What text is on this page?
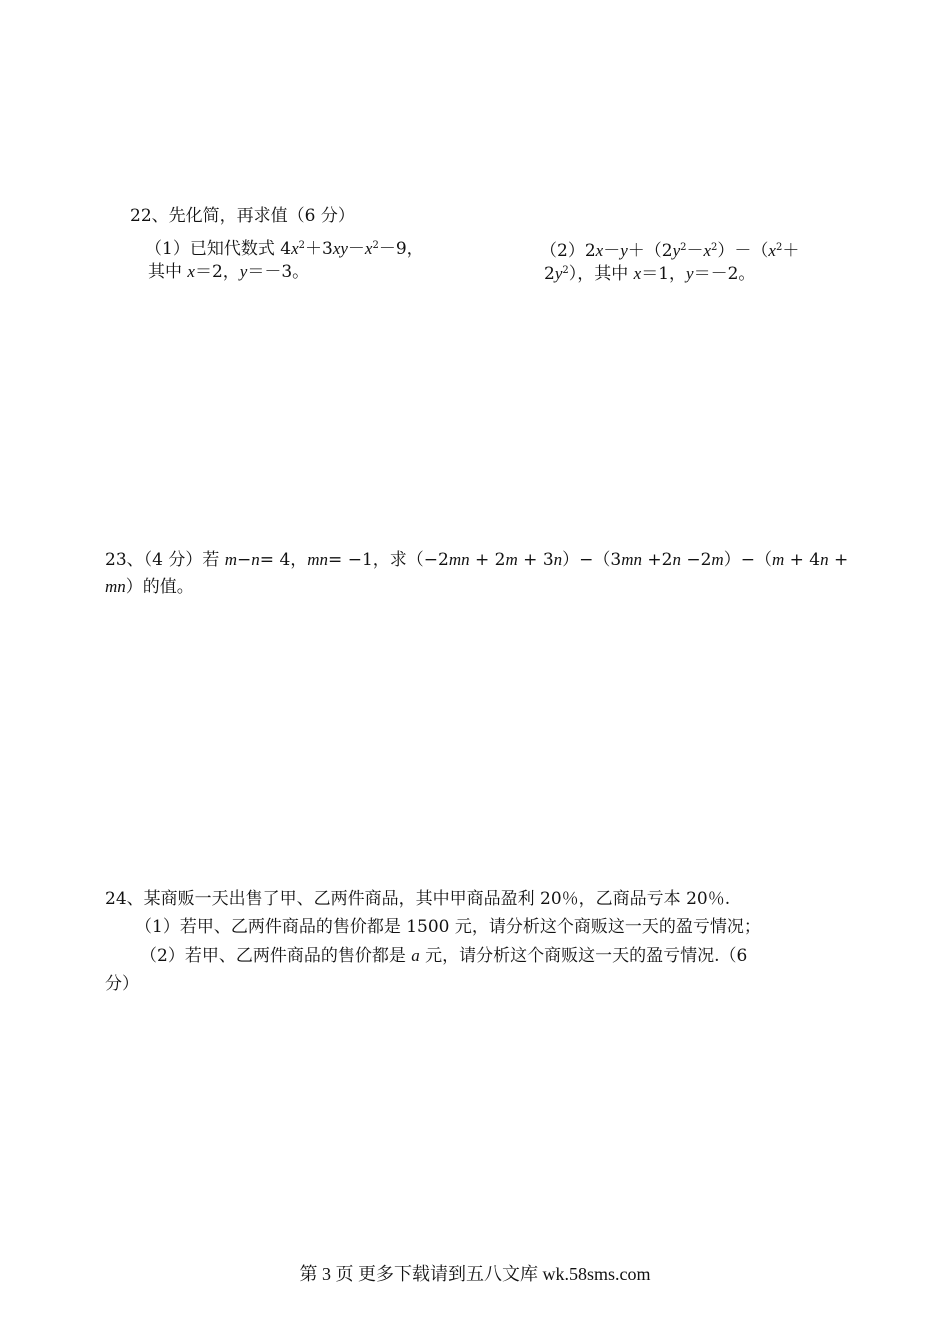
22、先化简，再求值（6 分）
（1）已知代数式 $4x^2+3xy-x^2-9$，
其中 x＝2，y＝－3。
$(2)2x-y+(2y^2-x^2)-(x^2+$
$2y^2$），其中 x＝1，y＝－2。
23、（4 分）若 m−n= 4，mn= −1，求（−2mn + 2m + 3n）−（3mn +2n −2m）−（m + 4n +
mn）的值。
24、某商贩一天出售了甲、乙两件商品，其中甲商品盈利 20％，乙商品亏本 20％.
（1）若甲、乙两件商品的售价都是 1500 元，请分析这个商贩这一天的盈亏情况；
（2）若甲、乙两件商品的售价都是 a 元，请分析这个商贩这一天的盈亏情况.（6
分）
第 3 页 更多下载请到五八文库 wk.58sms.com
